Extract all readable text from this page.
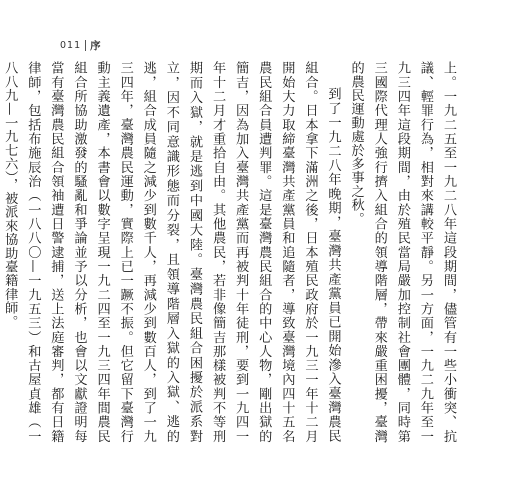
011 序

上。一九二五至一九二八年這段期間，儘管有一些小衝突、抗議、輕罪行為，相對來講較平靜。另一方面，一九二九年至一九三四年這段期間，由於殖民當局嚴加控制社會團體，同時第三國際代理人強行擠入組合的領導階層，帶來嚴重困擾，臺灣的農民運動處於多事之秋。

到了一九二八年晚期，臺灣共產黨員已開始滲入臺灣農民組合。日本拿下滿洲之後，日本殖民政府於一九三一年十二月開始大力取締臺灣共產黨員和追隨者，導致臺灣境內四十五名農民組合員遭判罪。這是臺灣農民組合的中心人物，剛出獄的簡吉，因為加入臺灣共產黨而再被判十年徒刑，要到一九四一年十二月才重拾自由。其他農民，若非像簡吉那樣被判不等刑期而入獄，就是逃到中國大陸。臺灣農民組合困擾於派系對立，因不同意識形態而分裂，且領導階層入獄的入獄、逃的逃，組合成員隨之減少到數千人，再減少到數百人，到了一九三四年，臺灣農民運動，實際上已一蹶不振。但它留下臺灣行動主義遺產，本書會以數字呈現一九二四至一九三四年間農民組合所協助激發的騷亂和爭論並予以分析，也會以文獻證明每當有臺灣農民組合領袖遭日警逮捕，送上法庭審判，都有日籍律師，包括布施辰治（一八八〇—一九五三）和古屋貞雄（一八八九—一九七六），被派來協助臺籍律師。
